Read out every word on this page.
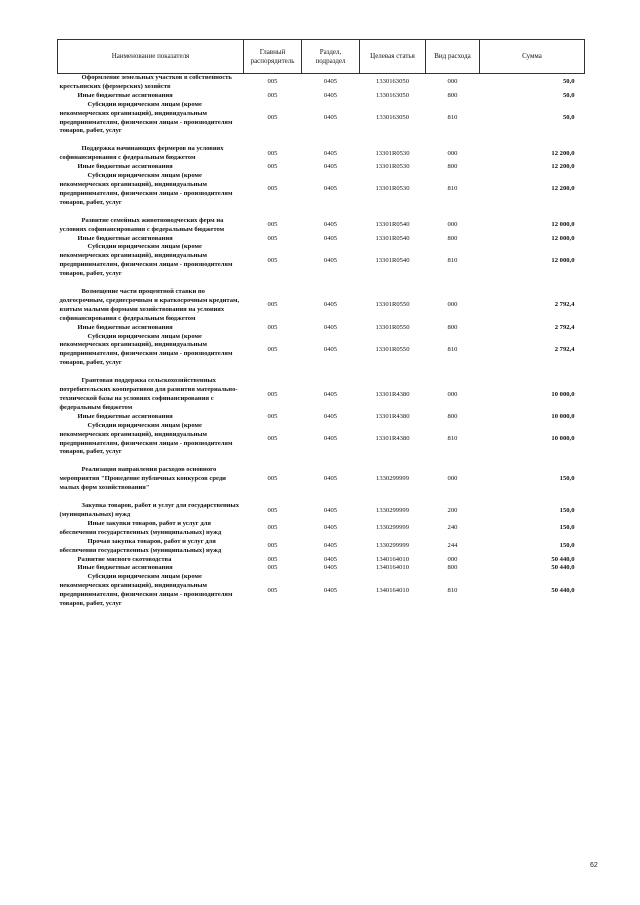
Наименование показателя	Главный распорядитель	Раздел, подраздел	Целевая статья	Вид расхода	Сумма
Оформление земельных участков в собственность крестьянских (фермерских) хозяйств	005	0405	1330163050	000	50,0
Иные бюджетные ассигнования	005	0405	1330163050	800	50,0
Субсидии юридическим лицам (кроме некоммерческих организаций), индивидуальным предпринимателям, физическим лицам - производителям товаров, работ, услуг	005	0405	1330163050	810	50,0

Поддержка начинающих фермеров на условиях софинансирования с федеральным бюджетом	005	0405	13301R0530	000	12 200,0
Иные бюджетные ассигнования	005	0405	13301R0530	800	12 200,0
Субсидии юридическим лицам (кроме некоммерческих организаций), индивидуальным предпринимателям, физическим лицам - производителям товаров, работ, услуг	005	0405	13301R0530	810	12 200,0

Развитие семейных животноводческих ферм на условиях софинансирования с федеральным бюджетом	005	0405	13301R0540	000	12 000,0
Иные бюджетные ассигнования	005	0405	13301R0540	800	12 000,0
Субсидии юридическим лицам (кроме некоммерческих организаций), индивидуальным предпринимателям, физическим лицам - производителям товаров, работ, услуг	005	0405	13301R0540	810	12 000,0

Возмещение части процентной ставки по долгосрочным, среднесрочным и краткосрочным кредитам, взятым малыми формами хозяйствования на условиях софинансирования с федеральным бюджетом	005	0405	13301R0550	000	2 792,4
Иные бюджетные ассигнования	005	0405	13301R0550	800	2 792,4
Субсидии юридическим лицам (кроме некоммерческих организаций), индивидуальным предпринимателям, физическим лицам - производителям товаров, работ, услуг	005	0405	13301R0550	810	2 792,4

Грантовая поддержка сельскохозяйственных потребительских кооперативов для развития материально-технической базы на условиях софинансирования с федеральным бюджетом	005	0405	13301R4380	000	10 000,0
Иные бюджетные ассигнования	005	0405	13301R4380	800	10 000,0
Субсидии юридическим лицам (кроме некоммерческих организаций), индивидуальным предпринимателям, физическим лицам - производителям товаров, работ, услуг	005	0405	13301R4380	810	10 000,0

Реализация направления расходов основного мероприятия "Проведение публичных конкурсов среди малых форм хозяйствования"	005	0405	1330299999	000	150,0

Закупка товаров, работ и услуг для государственных (муниципальных) нужд	005	0405	1330299999	200	150,0
Иные закупки товаров, работ и услуг для обеспечения государственных (муниципальных) нужд	005	0405	1330299999	240	150,0
Прочая закупка товаров, работ и услуг для обеспечения государственных (муниципальных) нужд	005	0405	1330299999	244	150,0
Развитие мясного скотоводства	005	0405	1340164010	000	50 440,0
Иные бюджетные ассигнования	005	0405	1340164010	800	50 440,0
Субсидии юридическим лицам (кроме некоммерческих организаций), индивидуальным предпринимателям, физическим лицам - производителям товаров, работ, услуг	005	0405	1340164010	810	50 440,0
62
